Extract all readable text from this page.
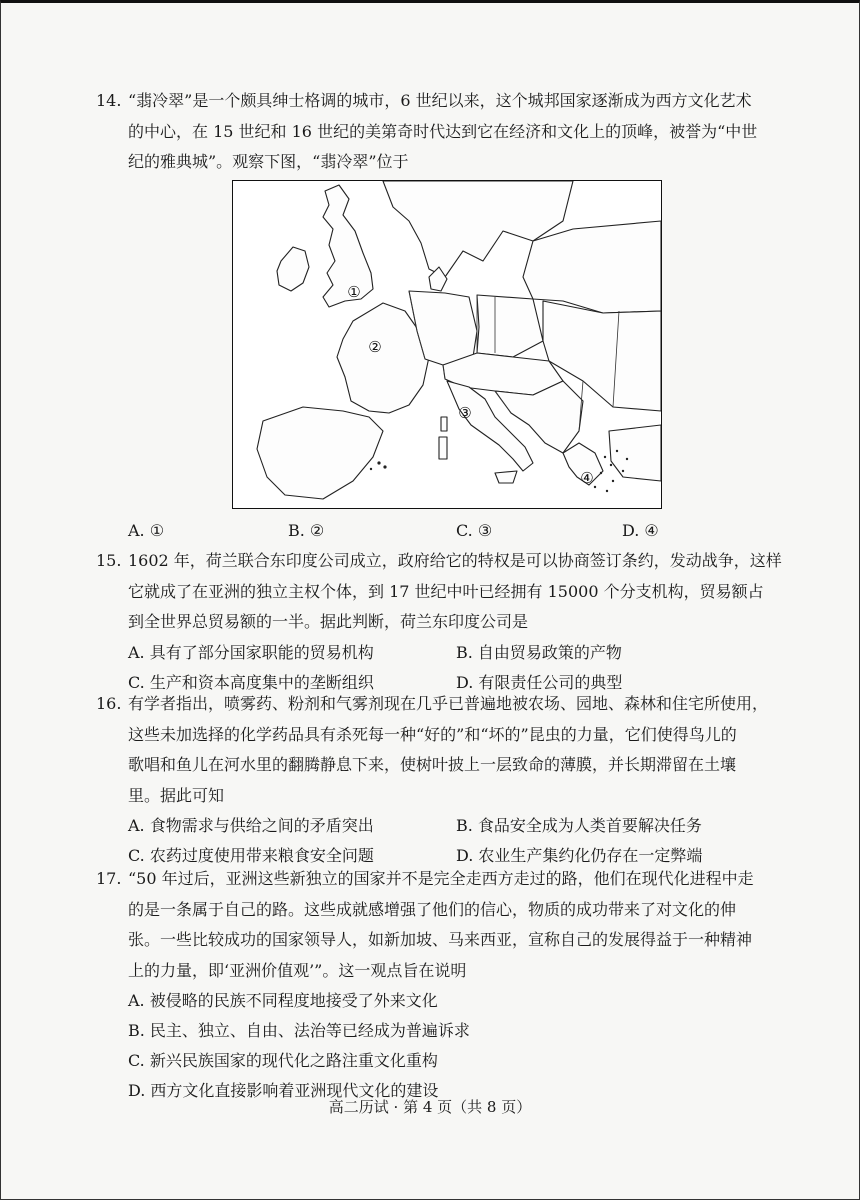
14. “翡冷翠”是一个颇具绅士格调的城市，6 世纪以来，这个城邦国家逐渐成为西方文化艺术

的中心，在 15 世纪和 16 世纪的美第奇时代达到它在经济和文化上的顶峰，被誉为“中世

纪的雅典城”。观察下图，“翡冷翠”位于

①
②
③
④
A. ①	B. ②	C. ③	D. ④

15. 1602 年，荷兰联合东印度公司成立，政府给它的特权是可以协商签订条约，发动战争，这样

它就成了在亚洲的独立主权个体，到 17 世纪中叶已经拥有 15000 个分支机构，贸易额占

到全世界总贸易额的一半。据此判断，荷兰东印度公司是

A. 具有了部分国家职能的贸易机构	B. 自由贸易政策的产物
C. 生产和资本高度集中的垄断组织	D. 有限责任公司的典型

16. 有学者指出，喷雾药、粉剂和气雾剂现在几乎已普遍地被农场、园地、森林和住宅所使用，

这些未加选择的化学药品具有杀死每一种“好的”和“坏的”昆虫的力量，它们使得鸟儿的

歌唱和鱼儿在河水里的翻腾静息下来，使树叶披上一层致命的薄膜，并长期滞留在土壤

里。据此可知

A. 食物需求与供给之间的矛盾突出	B. 食品安全成为人类首要解决任务
C. 农药过度使用带来粮食安全问题	D. 农业生产集约化仍存在一定弊端

17. “50 年过后，亚洲这些新独立的国家并不是完全走西方走过的路，他们在现代化进程中走

的是一条属于自己的路。这些成就感增强了他们的信心，物质的成功带来了对文化的伸

张。一些比较成功的国家领导人，如新加坡、马来西亚，宣称自己的发展得益于一种精神

上的力量，即‘亚洲价值观’”。这一观点旨在说明

A. 被侵略的民族不同程度地接受了外来文化
B. 民主、独立、自由、法治等已经成为普遍诉求
C. 新兴民族国家的现代化之路注重文化重构
D. 西方文化直接影响着亚洲现代文化的建设
高二历试 · 第 4 页（共 8 页）
